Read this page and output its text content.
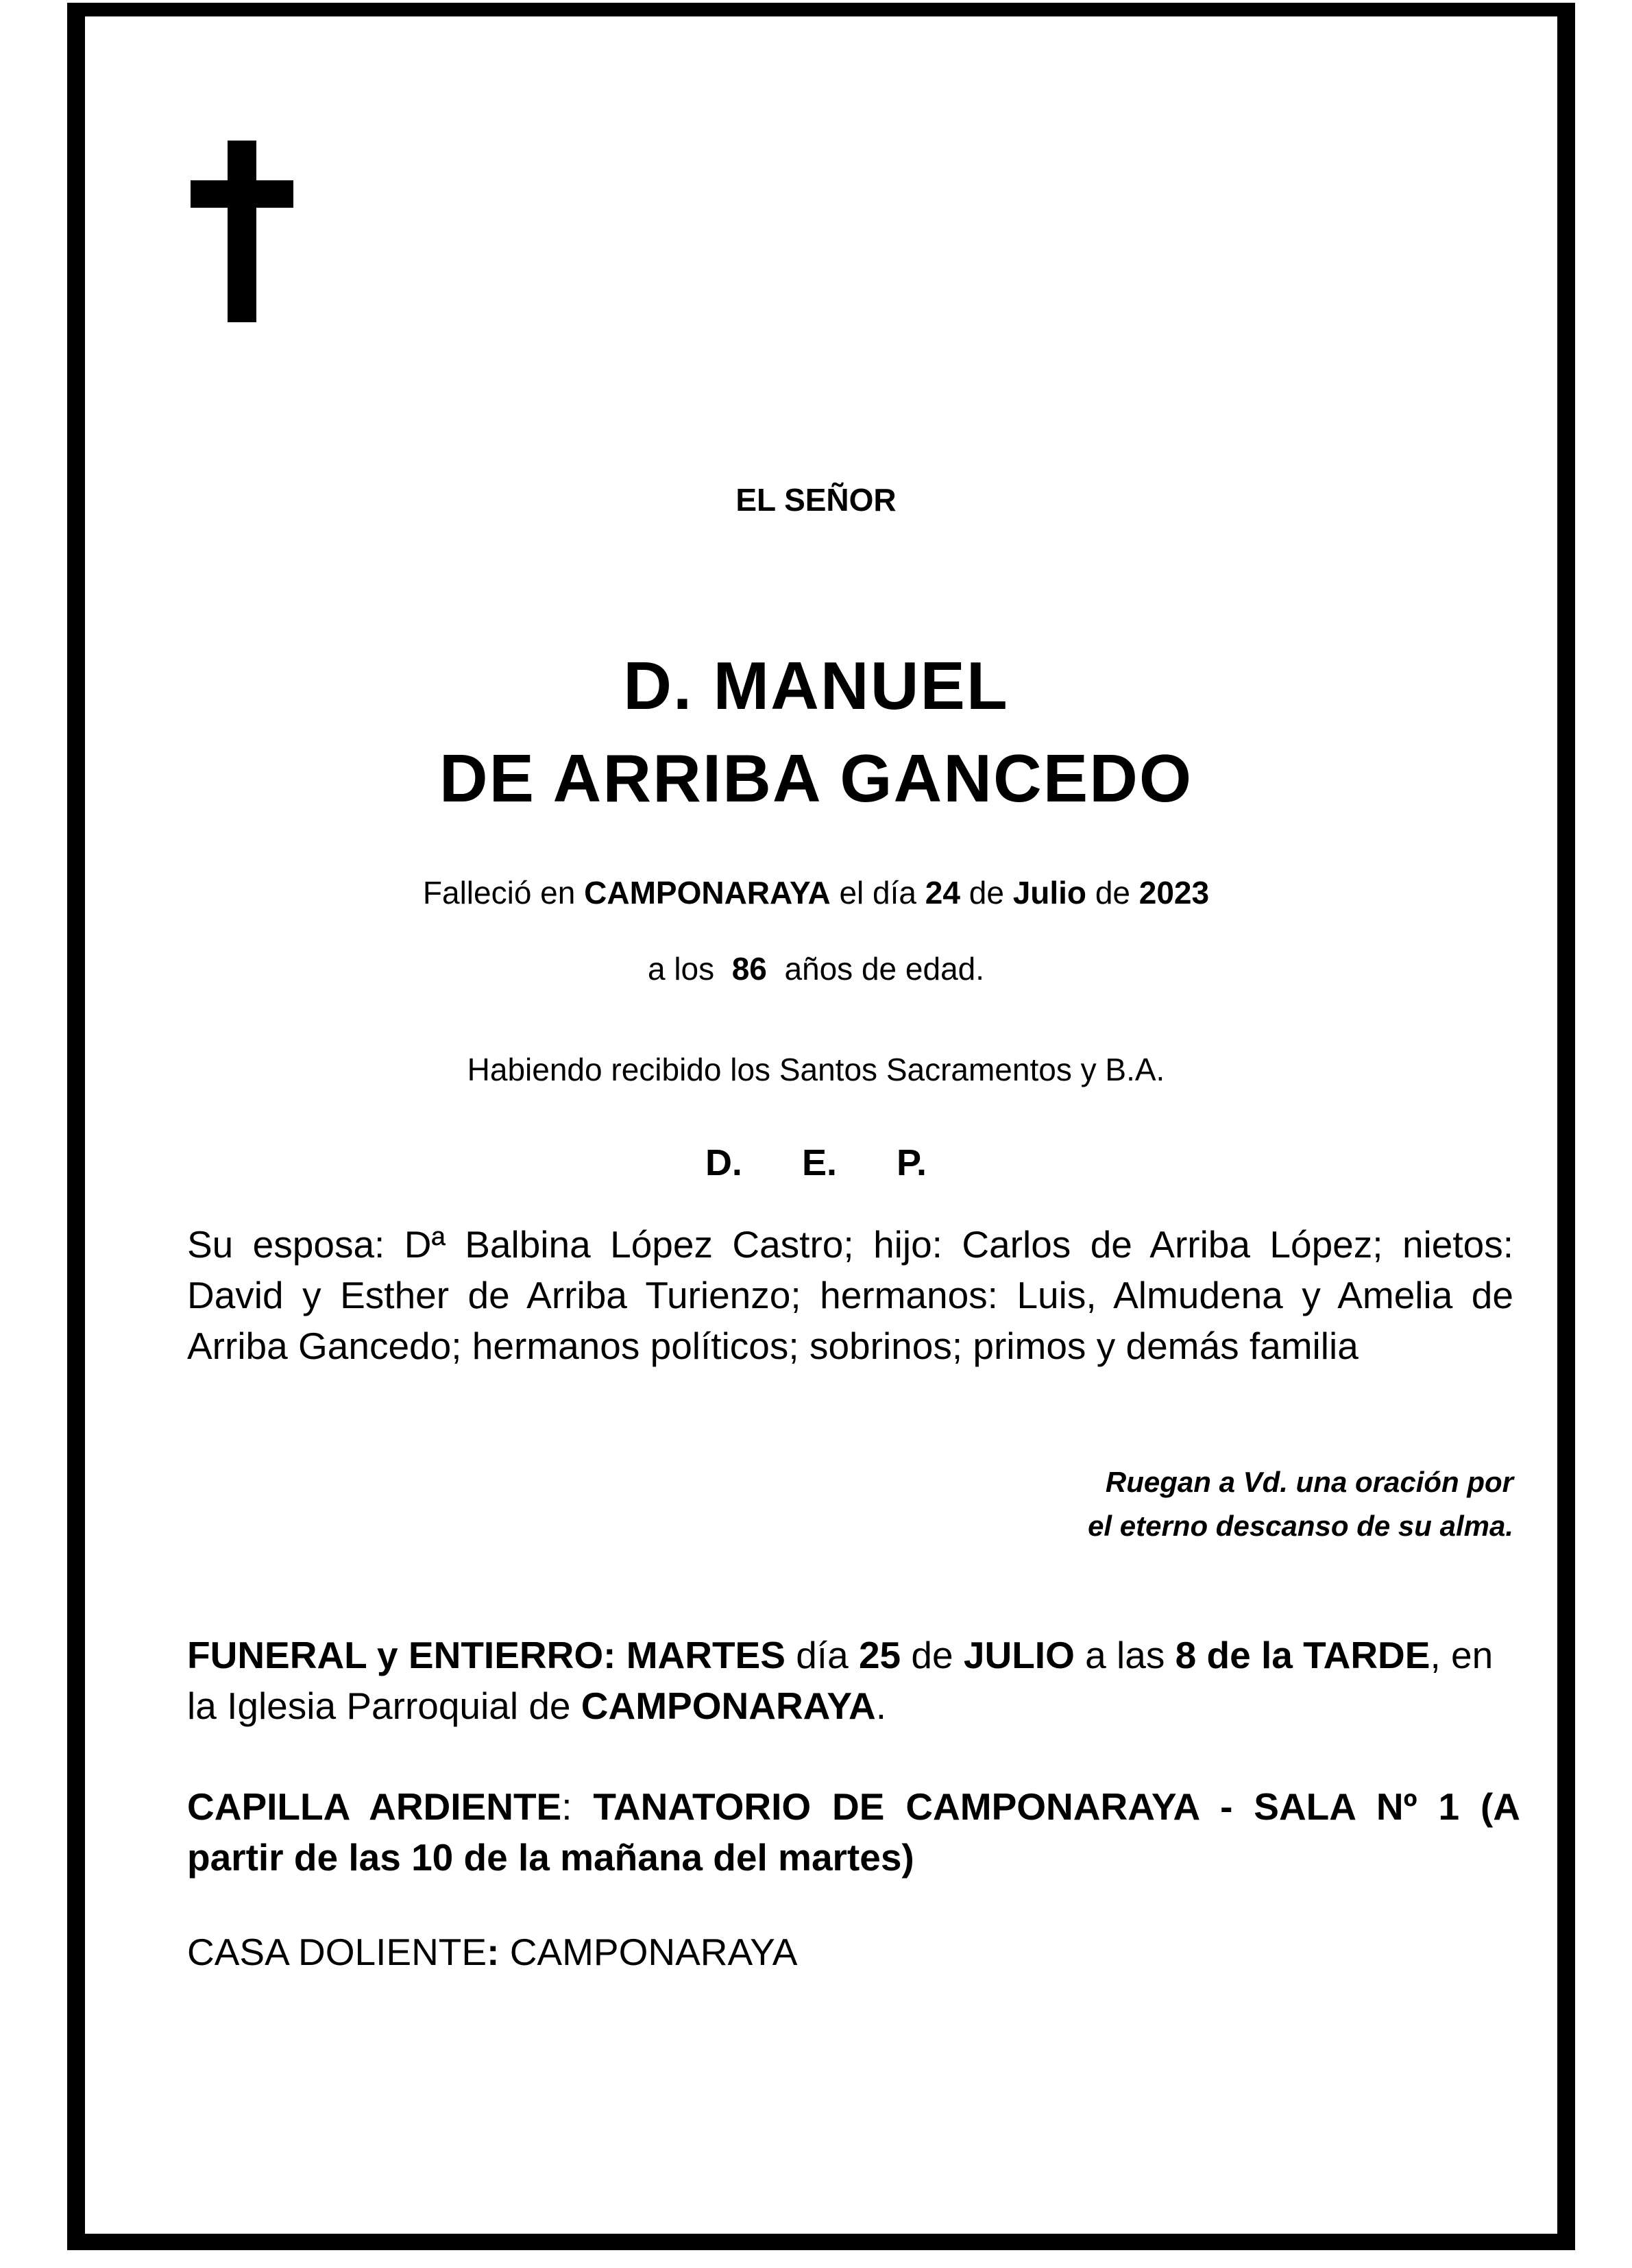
EL SEÑOR
D. MANUEL
DE ARRIBA GANCEDO
Falleció en CAMPONARAYA el día 24 de Julio de 2023
a los 86 años de edad.
Habiendo recibido los Santos Sacramentos y B.A.
D. E. P.
Su esposa: Dª Balbina López Castro; hijo: Carlos de Arriba López; nietos: David y Esther de Arriba Turienzo; hermanos: Luis, Almudena y Amelia de Arriba Gancedo; hermanos políticos; sobrinos; primos y demás familia
Ruegan a Vd. una oración por
el eterno descanso de su alma.
FUNERAL y ENTIERRO: MARTES día 25 de JULIO a las 8 de la TARDE, en la Iglesia Parroquial de CAMPONARAYA.
CAPILLA ARDIENTE: TANATORIO DE CAMPONARAYA - SALA Nº 1 (A partir de las 10 de la mañana del martes)
CASA DOLIENTE: CAMPONARAYA
